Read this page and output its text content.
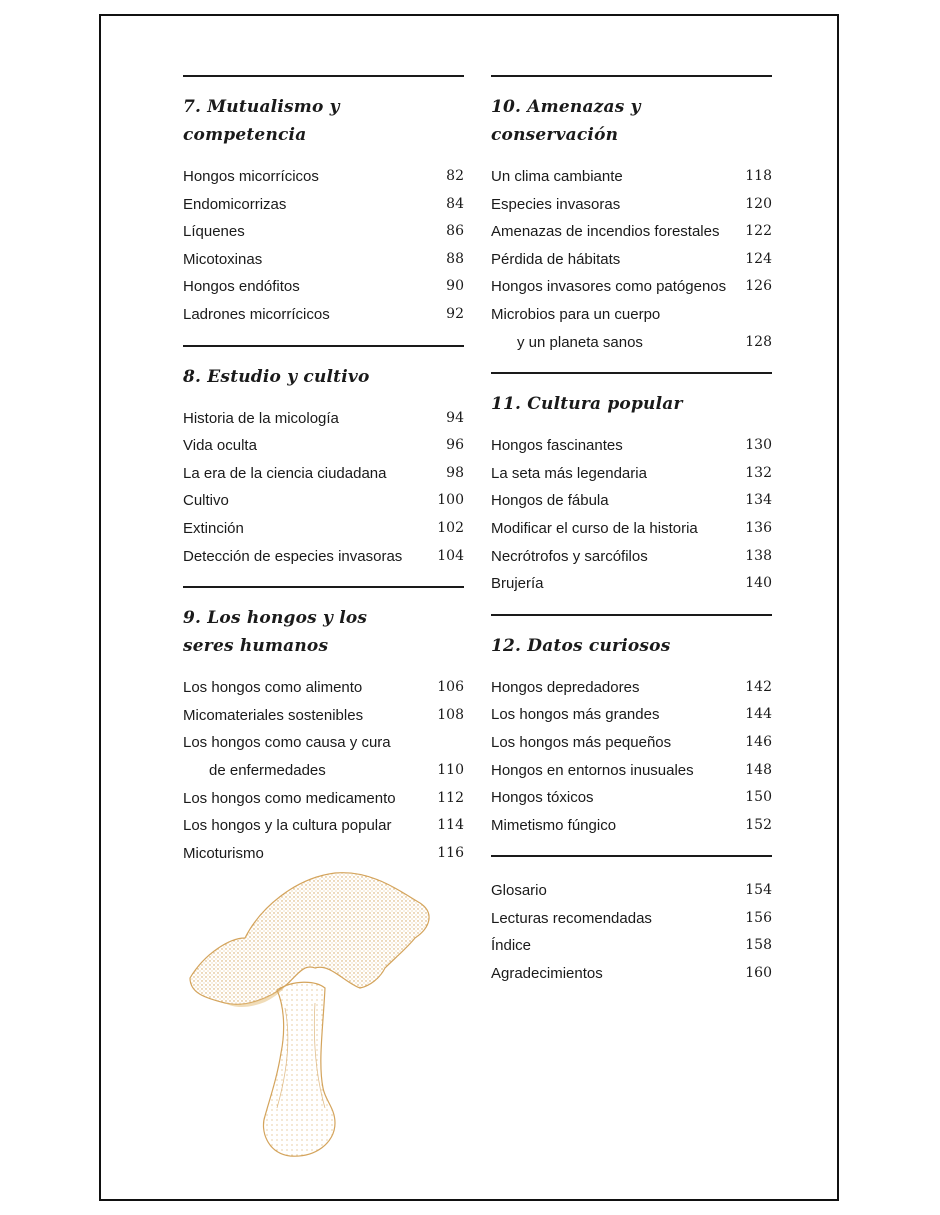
7. Mutualismo y competencia
Hongos micorrícicos	82
Endomicorrizas	84
Líquenes	86
Micotoxinas	88
Hongos endófitos	90
Ladrones micorrícicos	92
8. Estudio y cultivo
Historia de la micología	94
Vida oculta	96
La era de la ciencia ciudadana	98
Cultivo	100
Extinción	102
Detección de especies invasoras 104
9. Los hongos y los
seres humanos
Los hongos como alimento	106
Micomateriales sostenibles	108
Los hongos como causa y cura
de enfermedades	110
Los hongos como medicamento	112
Los hongos y la cultura popular	114
Micoturismo	116
10. Amenazas y conservación
Un clima cambiante	118
Especies invasoras	120
Amenazas de incendios forestales 122
Pérdida de hábitats	124
Hongos invasores como patógenos 126
Microbios para un cuerpo
y un planeta sanos	128
11. Cultura popular
Hongos fascinantes	130
La seta más legendaria	132
Hongos de fábula	134
Modificar el curso de la historia	136
Necrótrofos y sarcófilos	138
Brujería	140
12. Datos curiosos
Hongos depredadores	142
Los hongos más grandes	144
Los hongos más pequeños	146
Hongos en entornos inusuales	148
Hongos tóxicos	150
Mimetismo fúngico	152
Glosario	154
Lecturas recomendadas	156
Índice	158
Agradecimientos	160
